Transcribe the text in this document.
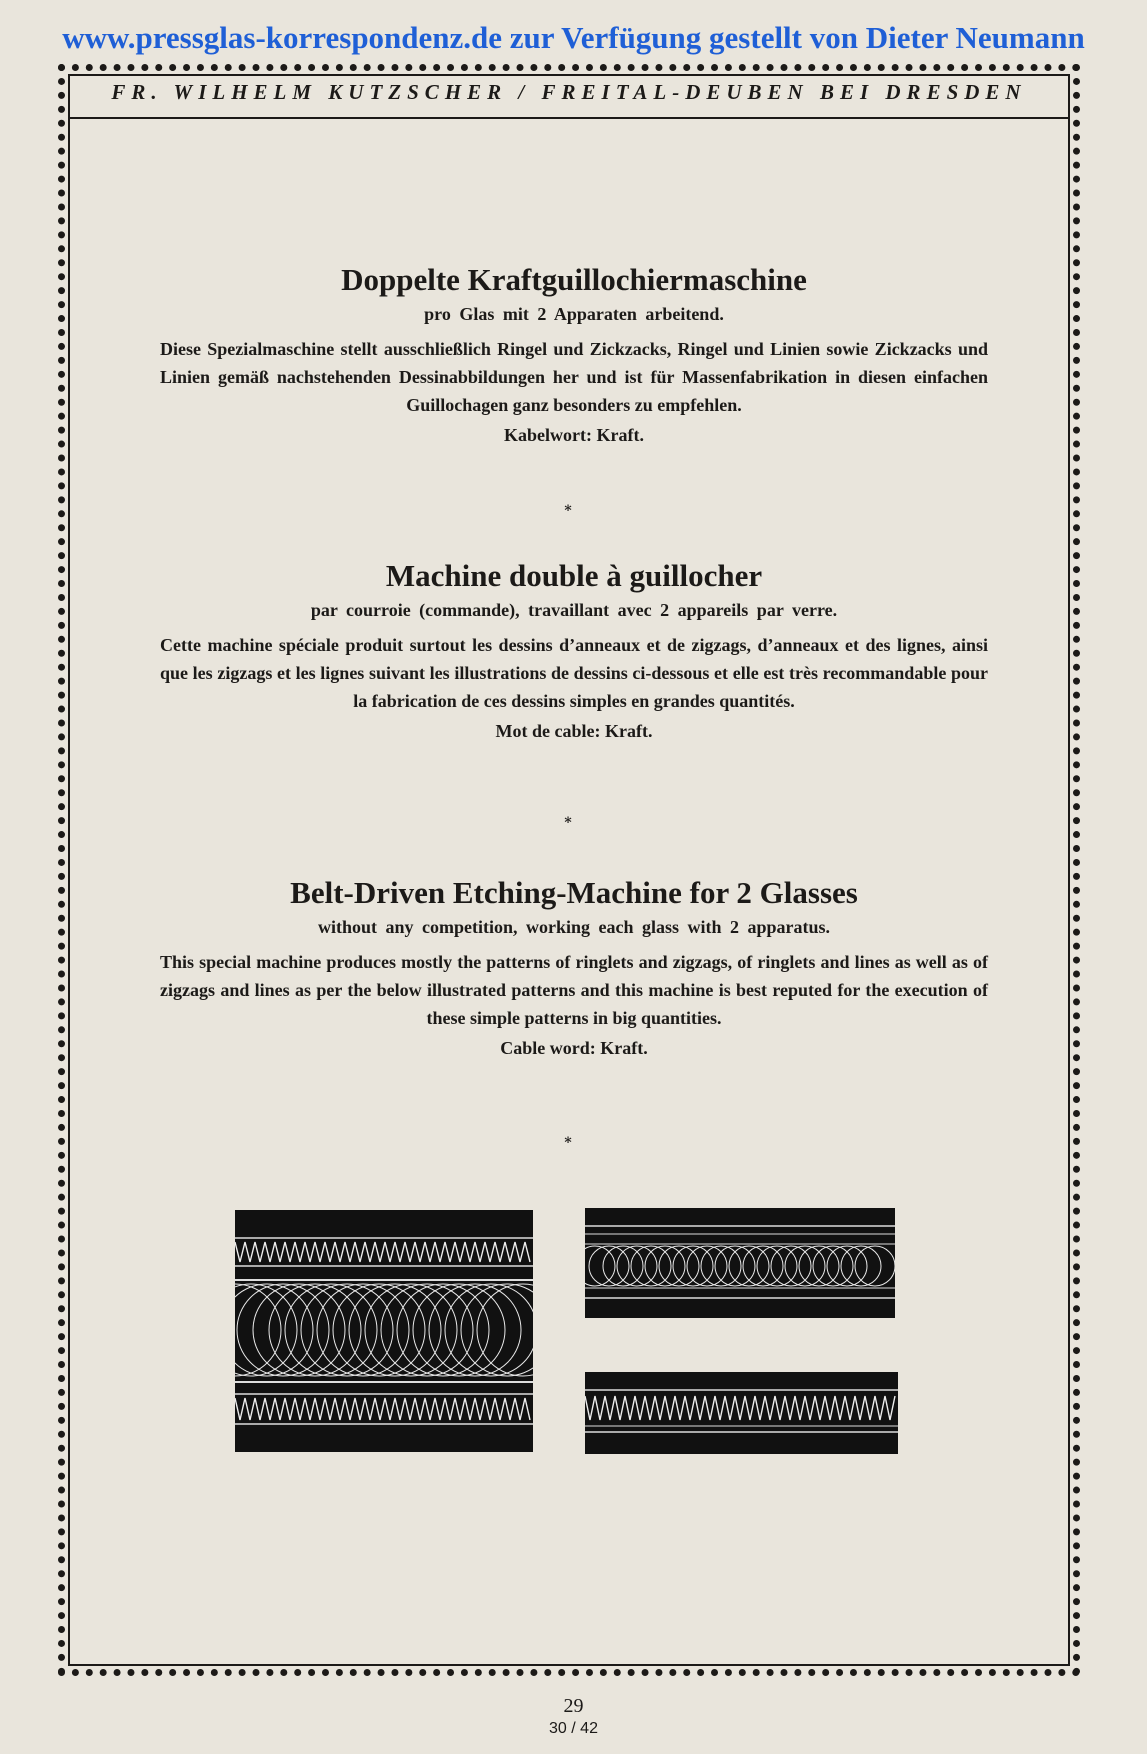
www.pressglas-korrespondenz.de zur Verfügung gestellt von Dieter Neumann
FR. WILHELM KUTZSCHER / FREITAL-DEUBEN BEI DRESDEN
Doppelte Kraftguillochiermaschine
pro Glas mit 2 Apparaten arbeitend.
Diese Spezialmaschine stellt ausschließlich Ringel und Zickzacks, Ringel und Linien sowie Zickzacks und Linien gemäß nachstehenden Dessinabbildungen her und ist für Massenfabrikation in diesen einfachen Guillochagen ganz besonders zu empfehlen.
Kabelwort: Kraft.
*
Machine double à guillocher
par courroie (commande), travaillant avec 2 appareils par verre.
Cette machine spéciale produit surtout les dessins d’anneaux et de zigzags, d’anneaux et des lignes, ainsi que les zigzags et les lignes suivant les illustrations de dessins ci-dessous et elle est très recommandable pour la fabrication de ces dessins simples en grandes quantités.
Mot de cable: Kraft.
*
Belt-Driven Etching-Machine for 2 Glasses
without any competition, working each glass with 2 apparatus.
This special machine produces mostly the patterns of ringlets and zigzags, of ringlets and lines as well as of zigzags and lines as per the below illustrated patterns and this machine is best reputed for the execution of these simple patterns in big quantities.
Cable word: Kraft.
*
29
30 / 42
